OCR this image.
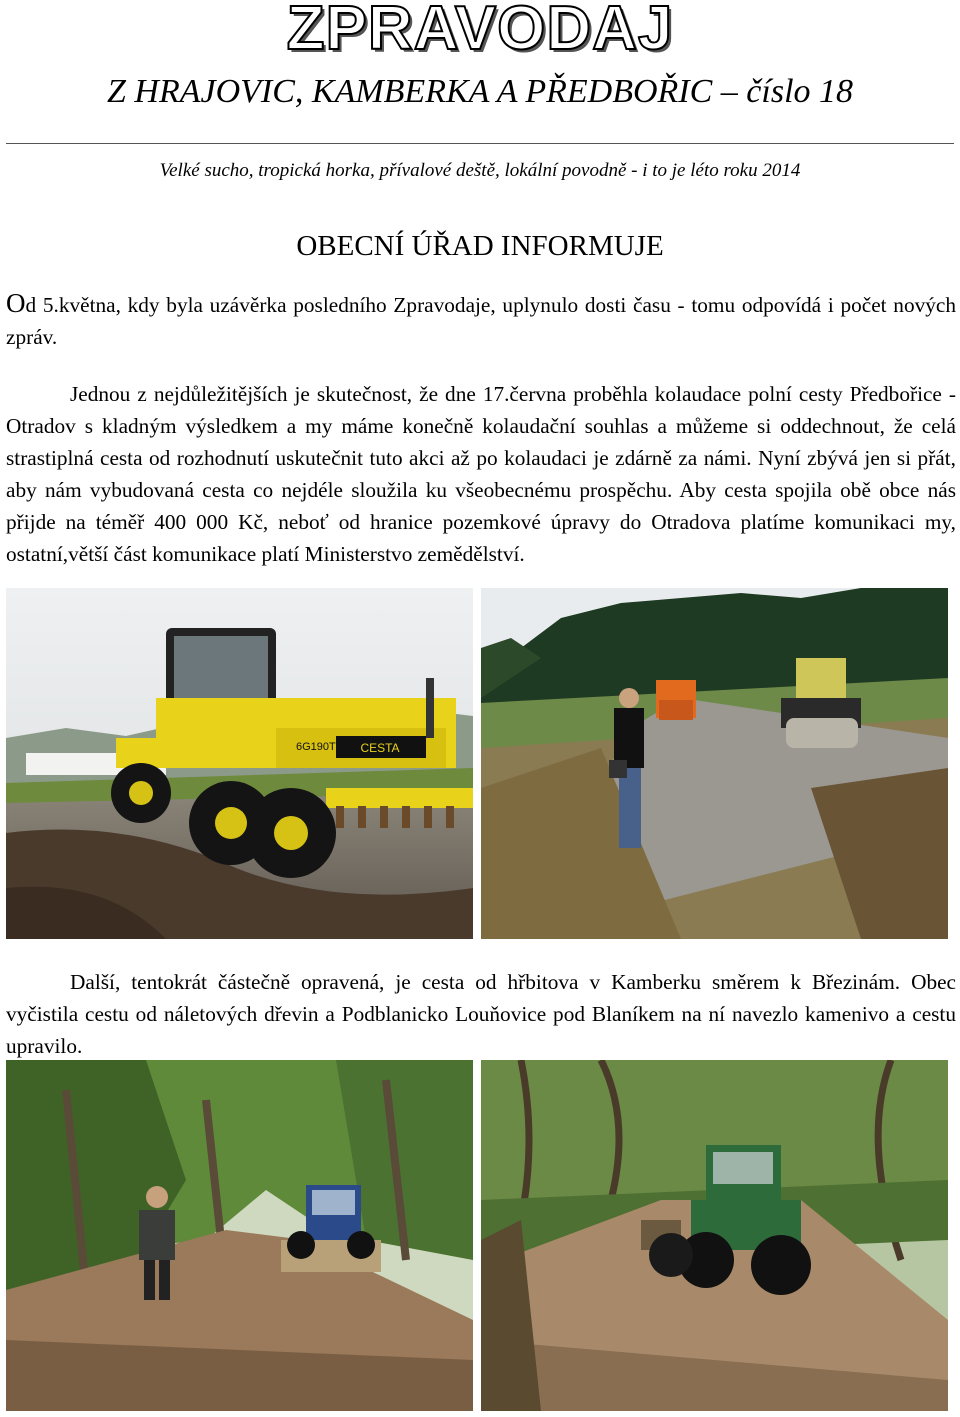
ZPRAVODAJ
Z HRAJOVIC, KAMBERKA A PŘEDBOŘIC – číslo 18
Velké sucho, tropická horka, přívalové deště, lokální povodně - i to je léto roku 2014
OBECNÍ ÚŘAD INFORMUJE

Od 5.května, kdy byla uzávěrka posledního Zpravodaje, uplynulo dosti času - tomu odpovídá i počet nových zpráv.

Jednou z nejdůležitějších je skutečnost, že dne 17.června proběhla kolaudace polní cesty Předbořice - Otradov s kladným výsledkem a my máme konečně kolaudační souhlas a můžeme si oddechnout, že celá strastiplná cesta od rozhodnutí uskutečnit tuto akci až po kolaudaci je zdárně za námi. Nyní zbývá jen si přát, aby nám vybudovaná cesta co nejdéle sloužila ku všeobecnému prospěchu. Aby cesta spojila obě obce nás přijde na téměř 400 000 Kč, neboť od hranice pozemkové úpravy do Otradova platíme komunikaci my, ostatní,větší část komunikace platí Ministerstvo zemědělství.

CESTA
6G190TR4

Další, tentokrát částečně opravená, je cesta od hřbitova v Kamberku směrem k Březinám. Obec vyčistila cestu od náletových dřevin a Podblanicko Louňovice pod Blaníkem na ní navezlo kamenivo a cestu upravilo.
